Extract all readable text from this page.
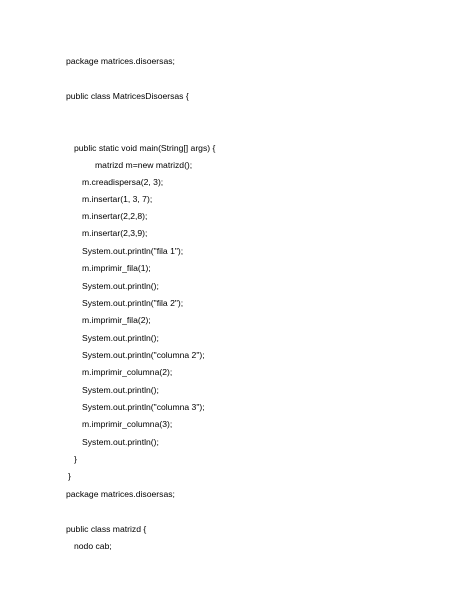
package matrices.disoersas;
public class MatricesDisoersas {
public static void main(String[] args) {
matrizd m=new matrizd();
m.creadispersa(2, 3);
m.insertar(1, 3, 7);
m.insertar(2,2,8);
m.insertar(2,3,9);
System.out.println("fila 1");
m.imprimir_fila(1);
System.out.println();
System.out.println("fila 2");
m.imprimir_fila(2);
System.out.println();
System.out.println("columna 2");
m.imprimir_columna(2);
System.out.println();
System.out.println("columna 3");
m.imprimir_columna(3);
System.out.println();
}
}
package matrices.disoersas;
public class matrizd {
nodo cab;
